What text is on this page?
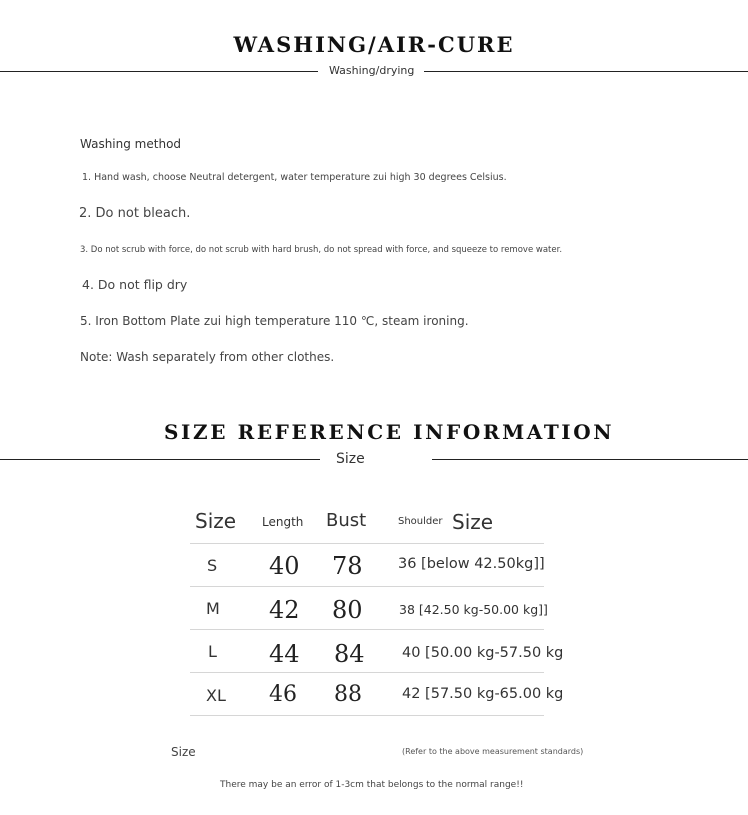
WASHING/AIR-CURE
Washing/drying
Washing method
1. Hand wash, choose Neutral detergent, water temperature zui high 30 degrees Celsius.
2. Do not bleach.
3. Do not scrub with force, do not scrub with hard brush, do not spread with force, and squeeze to remove water.
4. Do not flip dry
5. Iron Bottom Plate zui high temperature 110 ℃, steam ironing.
Note: Wash separately from other clothes.
SIZE REFERENCE INFORMATION
Size
Size Length Bust	Shoulder Size
S 40 78 36 [below 42.50kg]]
M 42 80	38 [42.50 kg-50.00 kg]]
L 44 84	40 [50.00 kg-57.50 kg
XL 46 88	42 [57.50 kg-65.00 kg
Size	(Refer to the above measurement standards)
There may be an error of 1-3cm that belongs to the normal range!!
